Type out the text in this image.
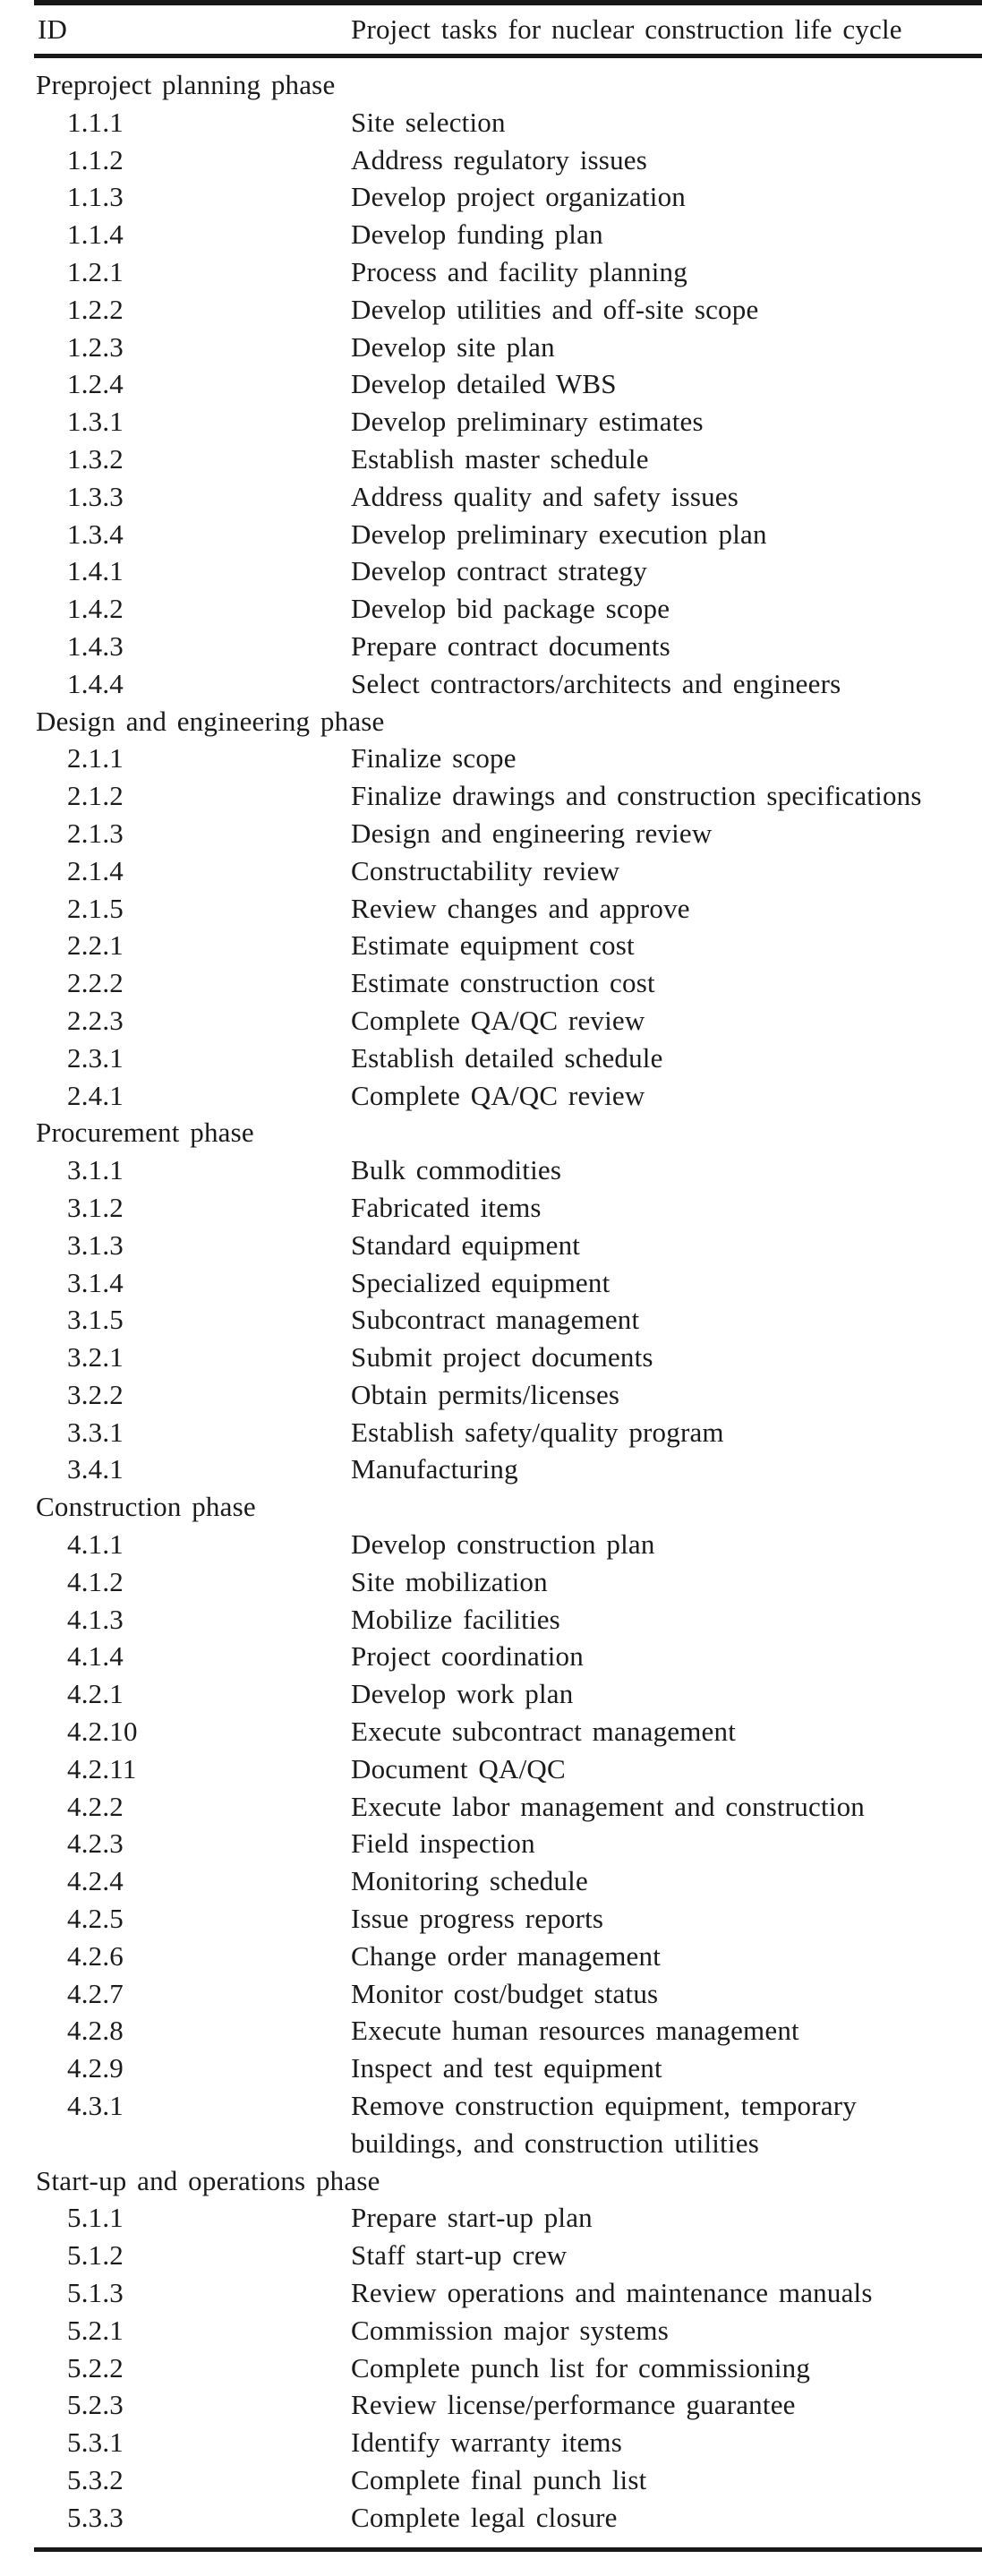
ID	Project tasks for nuclear construction life cycle
Preproject planning phase
1.1.1	Site selection
1.1.2	Address regulatory issues
1.1.3	Develop project organization
1.1.4	Develop funding plan
1.2.1	Process and facility planning
1.2.2	Develop utilities and off-site scope
1.2.3	Develop site plan
1.2.4	Develop detailed WBS
1.3.1	Develop preliminary estimates
1.3.2	Establish master schedule
1.3.3	Address quality and safety issues
1.3.4	Develop preliminary execution plan
1.4.1	Develop contract strategy
1.4.2	Develop bid package scope
1.4.3	Prepare contract documents
1.4.4	Select contractors/architects and engineers
Design and engineering phase
2.1.1	Finalize scope
2.1.2	Finalize drawings and construction specifications
2.1.3	Design and engineering review
2.1.4	Constructability review
2.1.5	Review changes and approve
2.2.1	Estimate equipment cost
2.2.2	Estimate construction cost
2.2.3	Complete QA/QC review
2.3.1	Establish detailed schedule
2.4.1	Complete QA/QC review
Procurement phase
3.1.1	Bulk commodities
3.1.2	Fabricated items
3.1.3	Standard equipment
3.1.4	Specialized equipment
3.1.5	Subcontract management
3.2.1	Submit project documents
3.2.2	Obtain permits/licenses
3.3.1	Establish safety/quality program
3.4.1	Manufacturing
Construction phase
4.1.1	Develop construction plan
4.1.2	Site mobilization
4.1.3	Mobilize facilities
4.1.4	Project coordination
4.2.1	Develop work plan
4.2.10	Execute subcontract management
4.2.11	Document QA/QC
4.2.2	Execute labor management and construction
4.2.3	Field inspection
4.2.4	Monitoring schedule
4.2.5	Issue progress reports
4.2.6	Change order management
4.2.7	Monitor cost/budget status
4.2.8	Execute human resources management
4.2.9	Inspect and test equipment
4.3.1	Remove construction equipment, temporary
buildings, and construction utilities
Start-up and operations phase
5.1.1	Prepare start-up plan
5.1.2	Staff start-up crew
5.1.3	Review operations and maintenance manuals
5.2.1	Commission major systems
5.2.2	Complete punch list for commissioning
5.2.3	Review license/performance guarantee
5.3.1	Identify warranty items
5.3.2	Complete final punch list
5.3.3	Complete legal closure
